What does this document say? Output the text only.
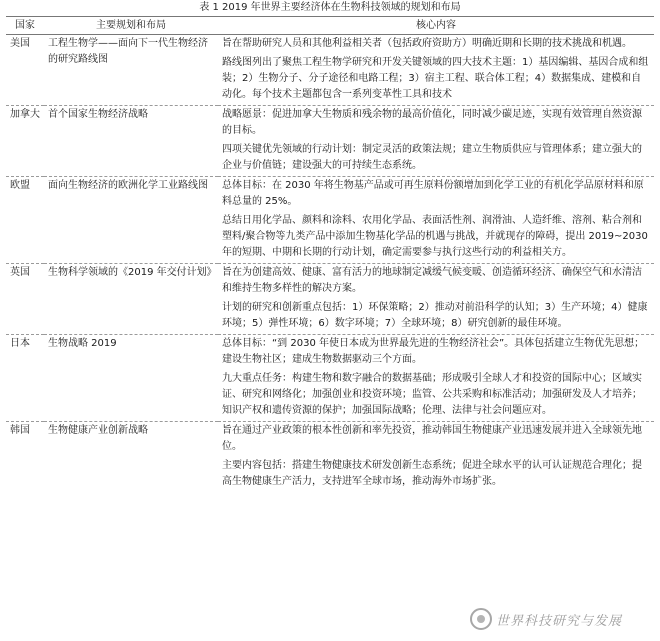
表 1 2019 年世界主要经济体在生物科技领域的规划和布局
国家	主要规划和布局	核心内容
美国	工程生物学——面向下一代生物经济的研究路线图	旨在帮助研究人员和其他利益相关者（包括政府资助方）明确近期和长期的技术挑战和机遇。
路线图列出了聚焦工程生物学研究和开发关键领域的四大技术主题：1）基因编辑、基因合成和组装；2）生物分子、分子途径和电路工程；3）宿主工程、联合体工程；4）数据集成、建模和自动化。每个技术主题都包含一系列变革性工具和技术

加拿大	首个国家生物经济战略	战略愿景：促进加拿大生物质和残余物的最高价值化，同时减少碳足迹，实现有效管理自然资源的目标。
四项关键优先领域的行动计划：制定灵活的政策法规；建立生物质供应与管理体系；建立强大的企业与价值链；建设强大的可持续生态系统。

欧盟	面向生物经济的欧洲化学工业路线图	总体目标：在 2030 年将生物基产品或可再生原料份额增加到化学工业的有机化学品原材料和原料总量的 25%。
总结日用化学品、颜料和涂料、农用化学品、表面活性剂、润滑油、人造纤维、溶剂、粘合剂和塑料/聚合物等九类产品中添加生物基化学品的机遇与挑战，并就现存的障碍，提出 2019~2030 年的短期、中期和长期的行动计划，确定需要参与执行这些行动的利益相关方。

英国	生物科学领域的《2019 年交付计划》	旨在为创建高效、健康、富有活力的地球制定减缓气候变暖、创造循环经济、确保空气和水清洁和维持生物多样性的解决方案。
计划的研究和创新重点包括：1）环保策略；2）推动对前沿科学的认知；3）生产环境；4）健康环境；5）弹性环境；6）数字环境；7）全球环境；8）研究创新的最佳环境。

日本	生物战略 2019	总体目标：“到 2030 年使日本成为世界最先进的生物经济社会”。具体包括建立生物优先思想；建设生物社区；建成生物数据驱动三个方面。
九大重点任务：构建生物和数字融合的数据基础；形成吸引全球人才和投资的国际中心；区域实证、研究和网络化；加强创业和投资环境；监管、公共采购和标准活动；加强研发及人才培养；知识产权和遗传资源的保护；加强国际战略；伦理、法律与社会问题应对。

韩国	生物健康产业创新战略	旨在通过产业政策的根本性创新和率先投资，推动韩国生物健康产业迅速发展并进入全球领先地位。
主要内容包括：搭建生物健康技术研发创新生态系统；促进全球水平的认可认证规范合理化；提高生物健康生产活力，支持进军全球市场，推动海外市场扩张。
世界科技研究与发展
